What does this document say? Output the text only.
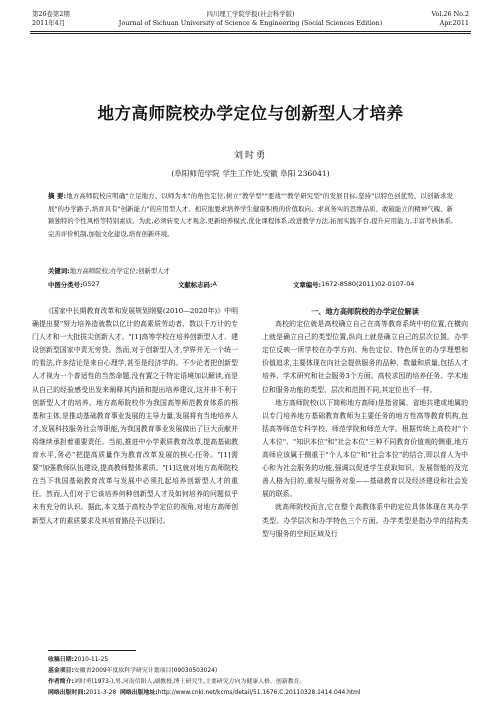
第26卷第2期
2011年4月
四川理工学院学报(社会科学版)
Journal of Sichuan University of Science & Engineering (Social Sciences Edition)
Vol.26 No.2
Apr.2011
地方高师院校办学定位与创新型人才培养
刘时勇
(阜阳师范学院 学生工作处,安徽 阜阳 236041)
摘 要:地方高师院校应明确"立足地方、以师为本"的角色定位,树立"教学型""要战""教学研究型"的发展目标,坚持"以特色创优势、以创新求发展"的办学路子,培育具有"创新能力"的应用型人才。相应地要求培养学生健康积极的价值取向、求真务实的思维品质、敢破能立的精神气魄、新颖独特的个性风格等特别素质。为此,必须转变人才观念,更新培养模式,优化课程体系,改进教学方法,拓展实践平台,提升应用能力,丰富考核体系,完善评价机制,加强文化建设,培育创新环境。
关键词:地方高师院校;办学定位;创新型人才
中图分类号: G527	文献标志码: A	文章编号: 1672-8580(2011)02-0107-04

《国家中长期教育改革和发展规划纲要(2010—2020年)》中明确提出要"努力培养造就数以亿计的高素质劳动者、数以千万计的专门人才和一大批拔尖创新人才。"[1]高等学校在培养创新型人才、建设创新型国家中责无旁贷。然而,对于创新型人才,学界并无一个统一的看法,许多结论是来自心理学,甚至是经济学的。不少论者把创新型人才视为一个普适性的当然命题,没有置之于特定语境加以解读,而是从自己的经验感受出发来阐释其内涵和提出培养建议,这并非不利于创新型人才的培养。地方高师院校作为我国高等师范教育体系的根基和主体,是推动基础教育事业发展的主导力量,发展将有当地培养人才,发展科技服务社会等职能,为我国教育事业发展做出了巨大贡献并将继续承担着重要责任。当前,推进中小学素质教育改革,提高基础教育水平,务必"把提高质量作为教育改革发展的核心任务。"[1]需要"加强教师队伍建设,提高教师整体素质。"[1]这就对地方高师院校在当下我国基础教育改革与发展中必须扎起培养创新型人才的重任。然而,人们对于它该培养何种创新型人才及如何培养的问题似乎未有充分的认识。据此,本文基于高校办学定位的视角,对地方高师创新型人才的素质要求及其培育路径予以探讨。

一、地方高师院校的办学定位解读

高校的定位就是高校确立自己在高等教育系统中的位置,在横向上就是确立自己的类型位置,纵向上就是确立自己的层次位置。办学定位反映一所学校在办学方向、角色定位、特色所在的办学理想和价值追求,主要体现在向社会提供服务的品种、数量和质量,包括人才培养、学术研究和社会服务3个方面。高校求因的培养任务、学术地位和服务功能的类型、层次和范围不同,其定位也不一样。

地方高师院校(以下简称地方高师)是指省属、省地共建或地属的以专门培养地方基础教育教师为主要任务的地方性高等教育机构,包括高等师范专科学校、师范学院和师范大学。根据传统上高校对"个人本位"、"知识本位"和"社会本位"三种不同教育价值观的侧重,地方高师应该属于侧重于"个人本位"和"社会本位"的结合,即以育人为中心和为社会服务的功能,强调以促进学生获取知识、发展智能的及完善人格为目的,重视与服务对象——基础教育以及经济建设和社会发展的联系。

就高师院校而言,它在整个高教体系中的定位具体体现在其办学类型、办学层次和办学特色三个方面。办学类型是指办学的结构类型与服务的空间区域及行

收稿日期:2010-11-25
基金项目:安徽省2009年度软科学研究计划项目(09030503024)
作者简介:刘时勇(1973-),男,河南信阳人,副教授,博士研究生,主要研究方向为健康人格、创新教育。
网络出版时间:2011-3-28 网络出版地址:http://www.cnki.net/kcms/detail/51.1676.C.20110328.1414.044.html
